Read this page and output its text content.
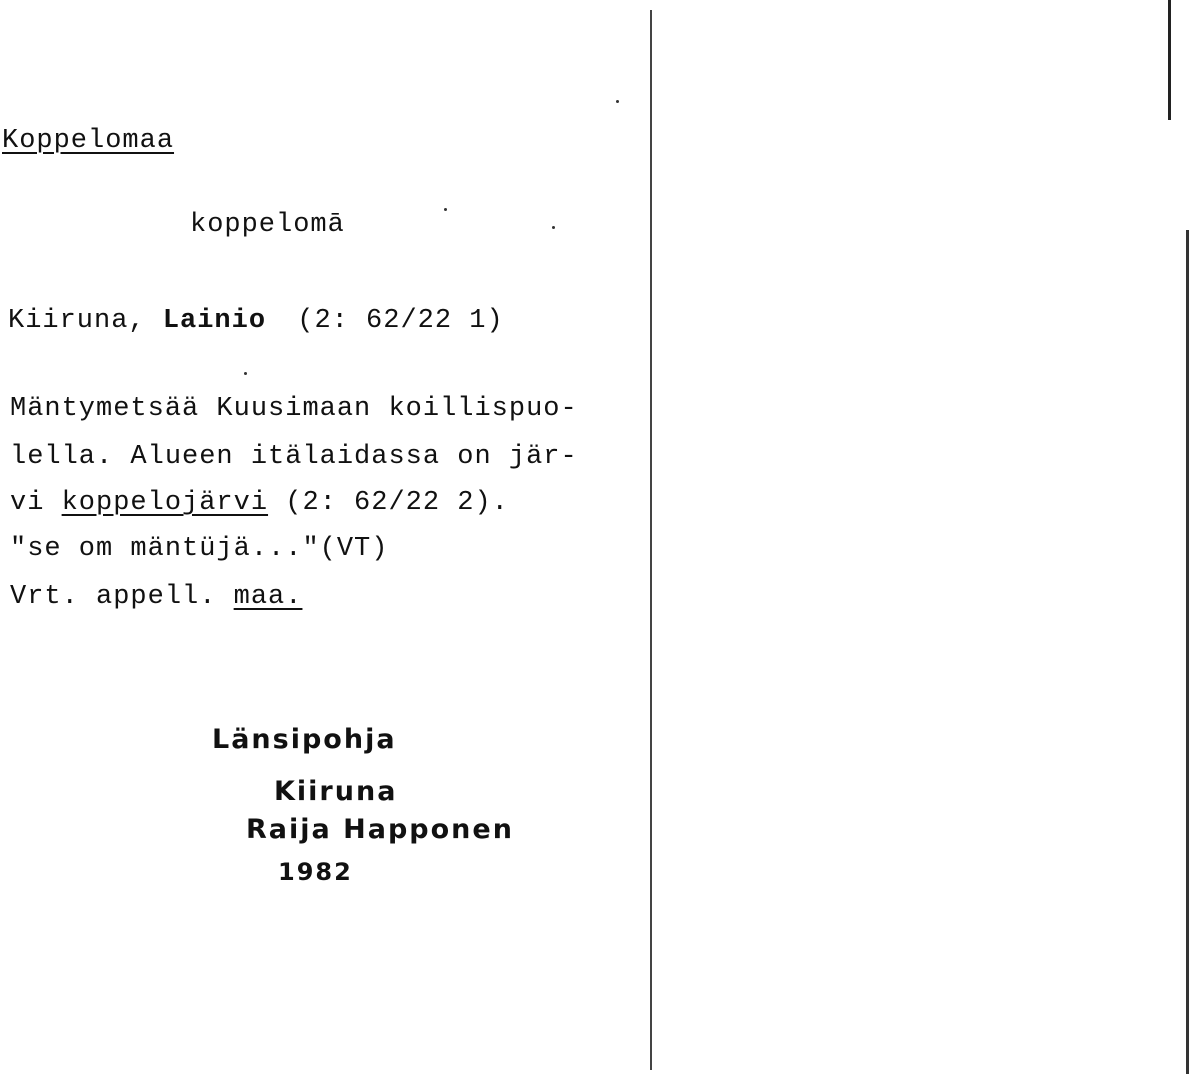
Koppelomaa
koppelomā
Kiiruna, Lainio (2: 62/22 1)
Mäntymetsää Kuusimaan koillispuo-
lella. Alueen itälaidassa on jär-
vi koppelojärvi (2: 62/22 2).
"se om mäntüjä..."(VT)
Vrt. appell. maa.
Länsipohja
Kiiruna
Raija Happonen
1982
